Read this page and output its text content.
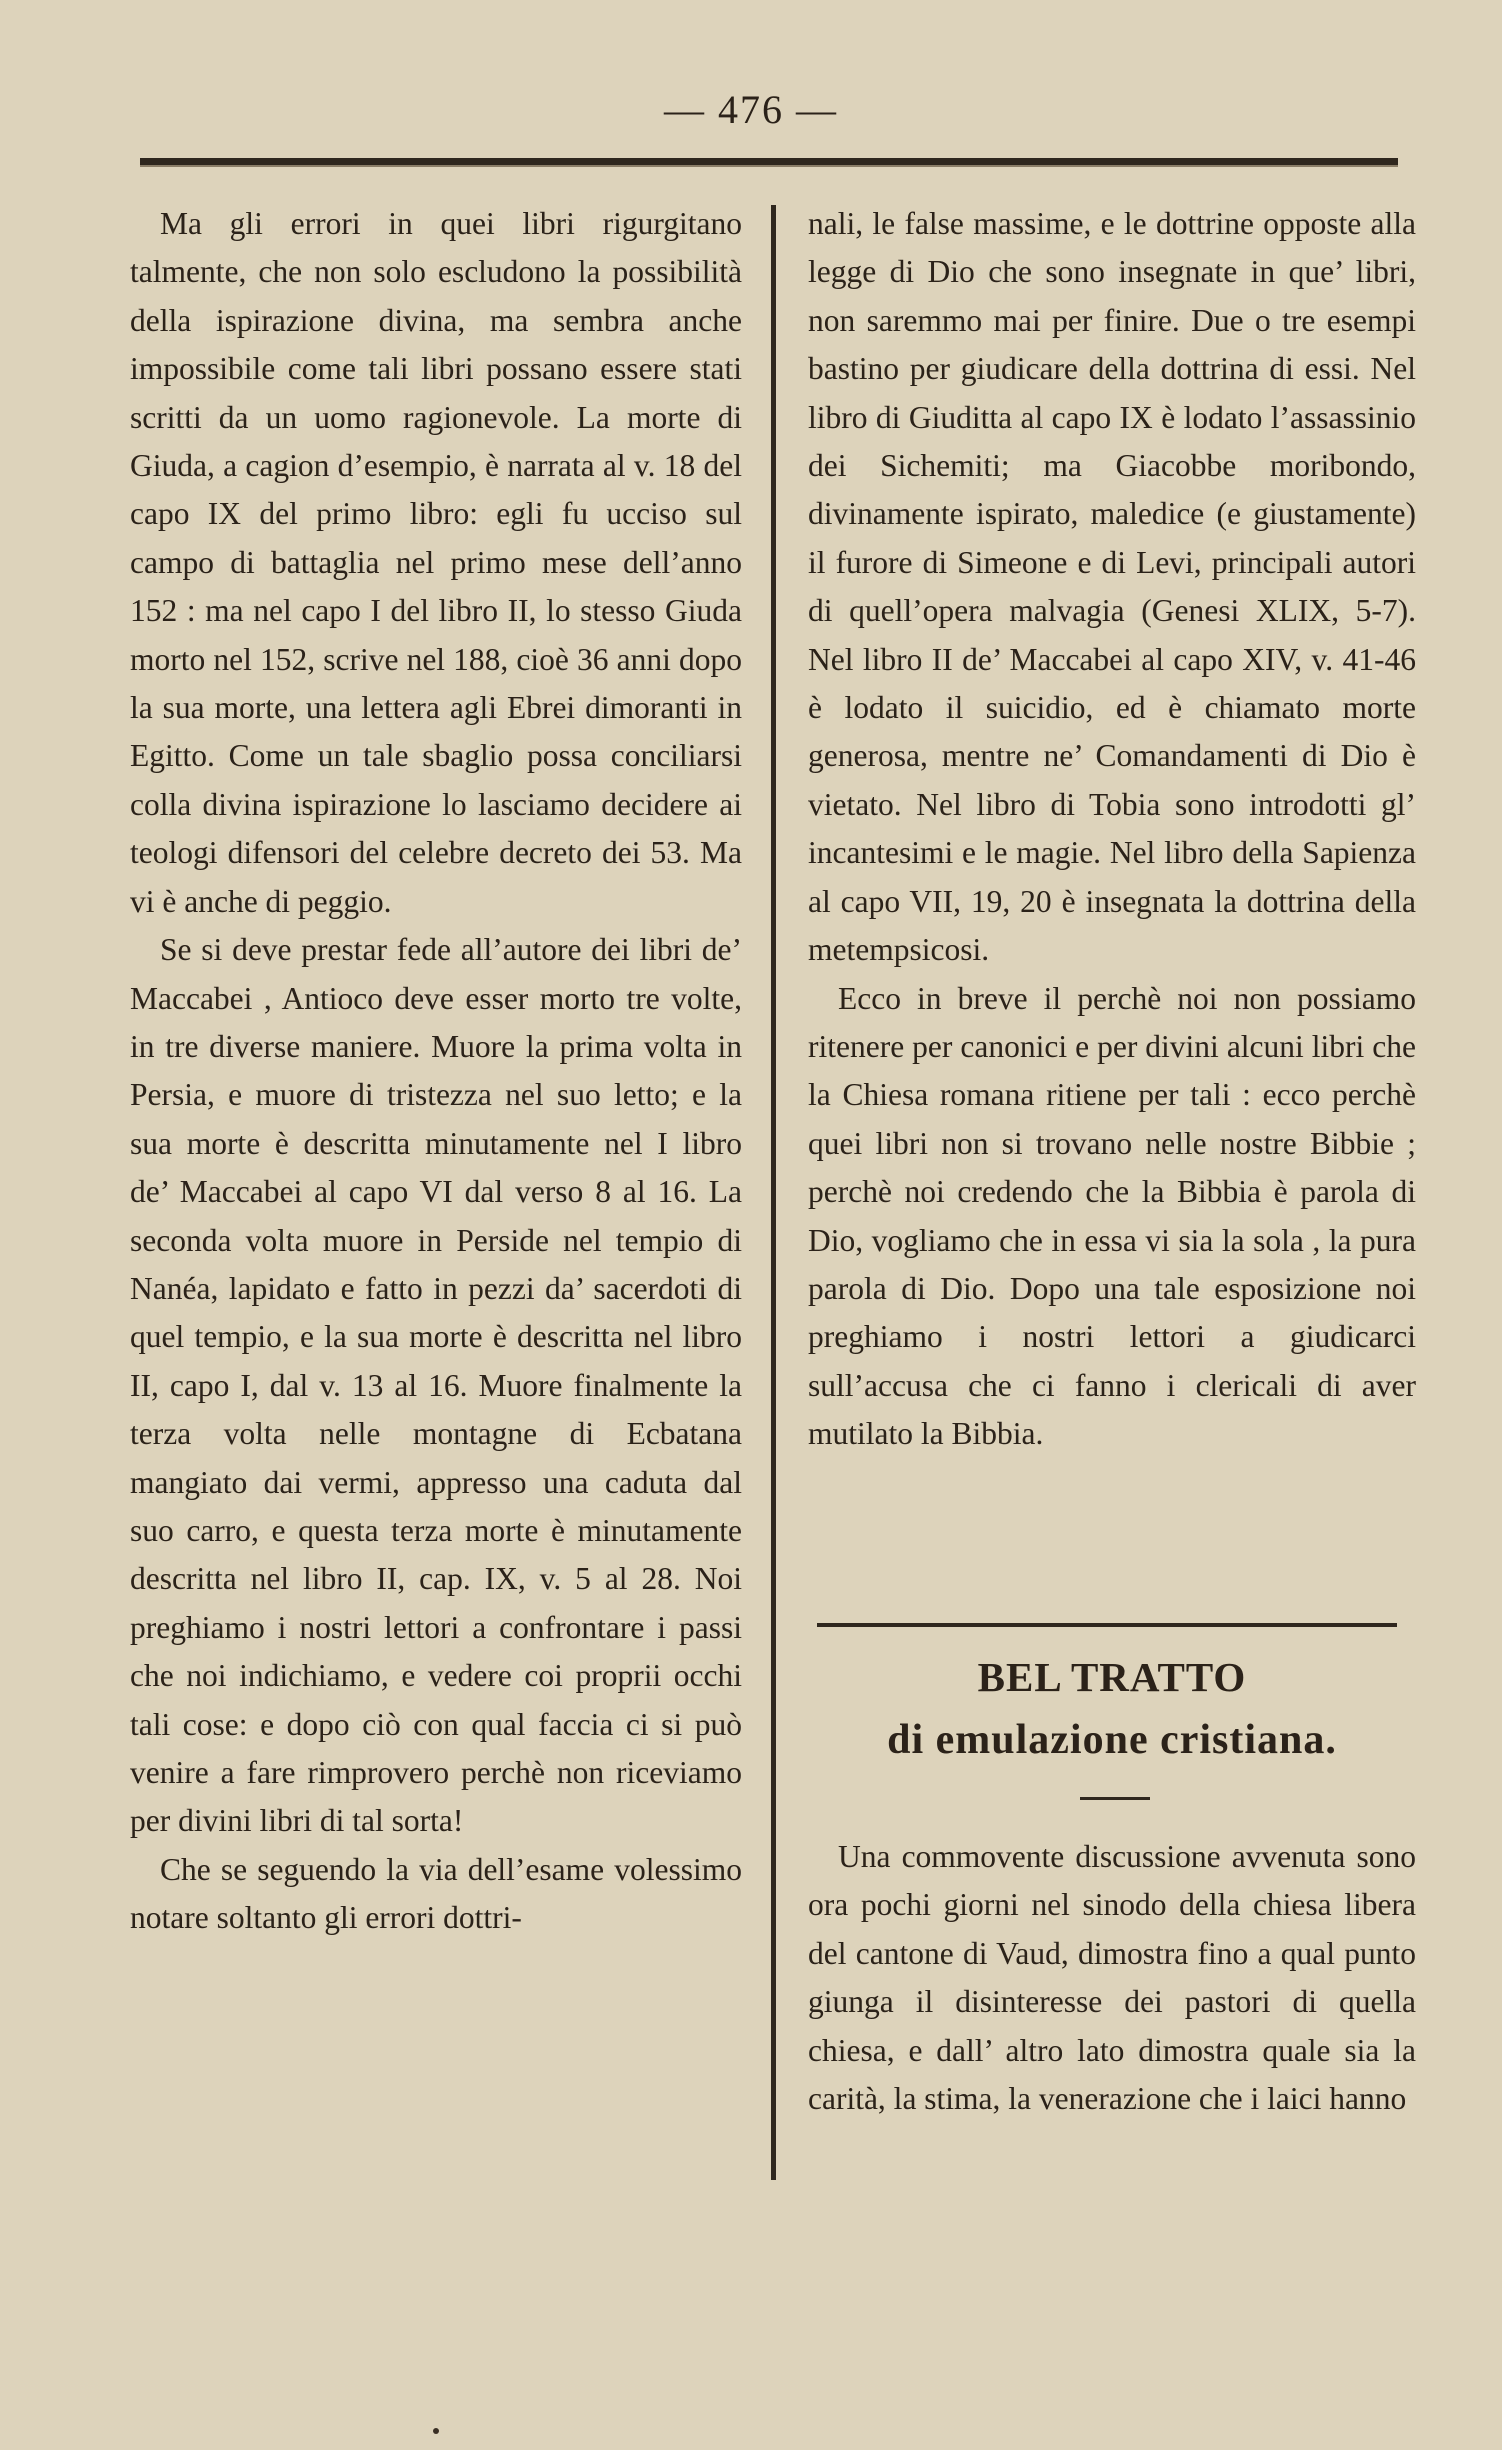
— 476 —

Ma gli errori in quei libri rigurgitano talmente, che non solo escludono la possibilità della ispirazione divina, ma sembra anche impossibile come tali libri possano essere stati scritti da un uomo ragionevole. La morte di Giuda, a cagion d’esempio, è narrata al v. 18 del capo IX del primo libro: egli fu ucciso sul campo di battaglia nel primo mese dell’anno 152 : ma nel capo I del libro II, lo stesso Giuda morto nel 152, scrive nel 188, cioè 36 anni dopo la sua morte, una lettera agli Ebrei dimoranti in Egitto. Come un tale sbaglio possa conciliarsi colla divina ispirazione lo lasciamo decidere ai teologi difensori del celebre decreto dei 53. Ma vi è anche di peggio.

Se si deve prestar fede all’autore dei libri de’ Maccabei , Antioco deve esser morto tre volte, in tre diverse maniere. Muore la prima volta in Persia, e muore di tristezza nel suo letto; e la sua morte è descritta minutamente nel I libro de’ Maccabei al capo VI dal verso 8 al 16. La seconda volta muore in Perside nel tempio di Nanéa, lapidato e fatto in pezzi da’ sacerdoti di quel tempio, e la sua morte è descritta nel libro II, capo I, dal v. 13 al 16. Muore finalmente la terza volta nelle montagne di Ecbatana mangiato dai vermi, appresso una caduta dal suo carro, e questa terza morte è minutamente descritta nel libro II, cap. IX, v. 5 al 28. Noi preghiamo i nostri lettori a confrontare i passi che noi indichiamo, e vedere coi proprii occhi tali cose: e dopo ciò con qual faccia ci si può venire a fare rimprovero perchè non riceviamo per divini libri di tal sorta!

Che se seguendo la via dell’esame volessimo notare soltanto gli errori dottri-

nali, le false massime, e le dottrine opposte alla legge di Dio che sono insegnate in que’ libri, non saremmo mai per finire. Due o tre esempi bastino per giudicare della dottrina di essi. Nel libro di Giuditta al capo IX è lodato l’assassinio dei Sichemiti; ma Giacobbe moribondo, divinamente ispirato, maledice (e giustamente) il furore di Simeone e di Levi, principali autori di quell’opera malvagia (Genesi XLIX, 5-7). Nel libro II de’ Maccabei al capo XIV, v. 41-46 è lodato il suicidio, ed è chiamato morte generosa, mentre ne’ Comandamenti di Dio è vietato. Nel libro di Tobia sono introdotti gl’ incantesimi e le magie. Nel libro della Sapienza al capo VII, 19, 20 è insegnata la dottrina della metempsicosi.

Ecco in breve il perchè noi non possiamo ritenere per canonici e per divini alcuni libri che la Chiesa romana ritiene per tali : ecco perchè quei libri non si trovano nelle nostre Bibbie ; perchè noi credendo che la Bibbia è parola di Dio, vogliamo che in essa vi sia la sola , la pura parola di Dio. Dopo una tale esposizione noi preghiamo i nostri lettori a giudicarci sull’accusa che ci fanno i clericali di aver mutilato la Bibbia.

BEL TRATTO
di emulazione cristiana.

Una commovente discussione avvenuta sono ora pochi giorni nel sinodo della chiesa libera del cantone di Vaud, dimostra fino a qual punto giunga il disinteresse dei pastori di quella chiesa, e dall’ altro lato dimostra quale sia la carità, la stima, la venerazione che i laici hanno
